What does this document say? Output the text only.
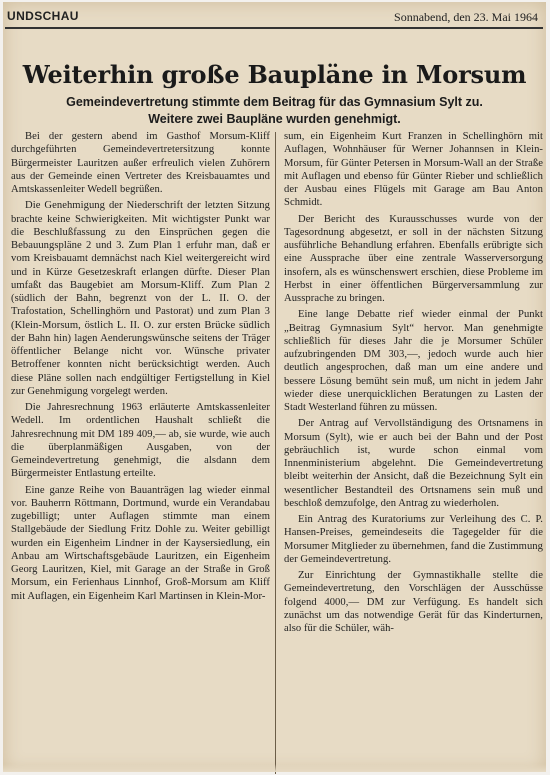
UNDSCHAU	Sonnabend, den 23. Mai 1964
Weiterhin große Baupläne in Morsum
Gemeindevertretung stimmte dem Beitrag für das Gymnasium Sylt zu.
Weitere zwei Baupläne wurden genehmigt.

Bei der gestern abend im Gasthof Morsum-Kliff durchgeführten Gemeindevertretersitzung konnte Bürgermeister Lauritzen außer erfreulich vielen Zuhörern aus der Gemeinde einen Vertreter des Kreisbauamtes und Amtskassenleiter Wedell begrüßen.

Die Genehmigung der Niederschrift der letzten Sitzung brachte keine Schwierigkeiten. Mit wichtigster Punkt war die Beschlußfassung zu den Einsprüchen gegen die Bebauungspläne 2 und 3. Zum Plan 1 erfuhr man, daß er vom Kreisbauamt demnächst nach Kiel weitergereicht wird und in Kürze Gesetzeskraft erlangen dürfte. Dieser Plan umfaßt das Baugebiet am Morsum-Kliff. Zum Plan 2 (südlich der Bahn, begrenzt von der L. II. O. der Trafostation, Schellinghörn und Pastorat) und zum Plan 3 (Klein-Morsum, östlich L. II. O. zur ersten Brücke südlich der Bahn hin) lagen Aenderungswünsche seitens der Träger öffentlicher Belange nicht vor. Wünsche privater Betroffener konnten nicht berücksichtigt werden. Auch diese Pläne sollen nach endgültiger Fertigstellung in Kiel zur Genehmigung vorgelegt werden.

Die Jahresrechnung 1963 erläuterte Amtskassenleiter Wedell. Im ordentlichen Haushalt schließt die Jahresrechnung mit DM 189 409,— ab, sie wurde, wie auch die überplanmäßigen Ausgaben, von der Gemeindevertretung genehmigt, die alsdann dem Bürgermeister Entlastung erteilte.

Eine ganze Reihe von Bauanträgen lag wieder einmal vor. Bauherrn Röttmann, Dortmund, wurde ein Verandabau zugebilligt; unter Auflagen stimmte man einem Stallgebäude der Siedlung Fritz Dohle zu. Weiter gebilligt wurden ein Eigenheim Lindner in der Kaysersiedlung, ein Anbau am Wirtschaftsgebäude Lauritzen, ein Eigenheim Georg Lauritzen, Kiel, mit Garage an der Straße in Groß Morsum, ein Ferienhaus Linnhof, Groß-Morsum am Kliff mit Auflagen, ein Eigenheim Karl Martinsen in Klein-Mor-

sum, ein Eigenheim Kurt Franzen in Schellinghörn mit Auflagen, Wohnhäuser für Werner Johannsen in Klein-Morsum, für Günter Petersen in Morsum-Wall an der Straße mit Auflagen und ebenso für Günter Rieber und schließlich der Ausbau eines Flügels mit Garage am Bau Anton Schmidt.

Der Bericht des Kurausschusses wurde von der Tagesordnung abgesetzt, er soll in der nächsten Sitzung ausführliche Behandlung erfahren. Ebenfalls erübrigte sich eine Aussprache über eine zentrale Wasserversorgung insofern, als es wünschenswert erschien, diese Probleme im Herbst in einer öffentlichen Bürgerversammlung zur Aussprache zu bringen.

Eine lange Debatte rief wieder einmal der Punkt „Beitrag Gymnasium Sylt“ hervor. Man genehmigte schließlich für dieses Jahr die je Morsumer Schüler aufzubringenden DM 303,—, jedoch wurde auch hier deutlich angesprochen, daß man um eine andere und bessere Lösung bemüht sein muß, um nicht in jedem Jahr wieder diese unerquicklichen Beratungen zu Lasten der Stadt Westerland führen zu müssen.

Der Antrag auf Vervollständigung des Ortsnamens in Morsum (Sylt), wie er auch bei der Bahn und der Post gebräuchlich ist, wurde schon einmal vom Innenministerium abgelehnt. Die Gemeindevertretung bleibt weiterhin der Ansicht, daß die Bezeichnung Sylt ein wesentlicher Bestandteil des Ortsnamens sein muß und beschloß demzufolge, den Antrag zu wiederholen.

Ein Antrag des Kuratoriums zur Verleihung des C. P. Hansen-Preises, gemeindeseits die Tagegelder für die Morsumer Mitglieder zu übernehmen, fand die Zustimmung der Gemeindevertretung.

Zur Einrichtung der Gymnastikhalle stellte die Gemeindevertretung, den Vorschlägen der Ausschüsse folgend 4000,— DM zur Verfügung. Es handelt sich zunächst um das notwendige Gerät für das Kinderturnen, also für die Schüler, wäh-
